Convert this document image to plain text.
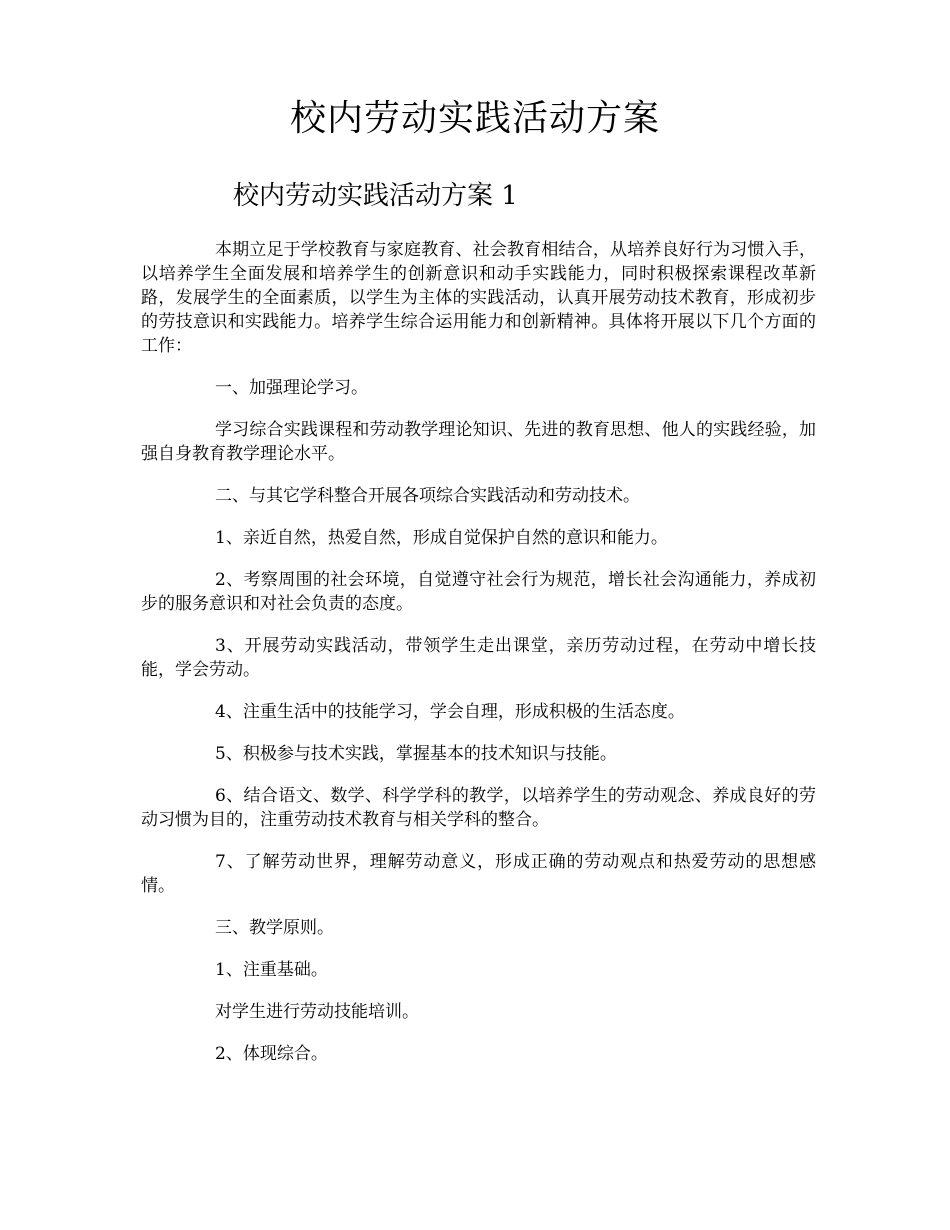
校内劳动实践活动方案
校内劳动实践活动方案 1

本期立足于学校教育与家庭教育、社会教育相结合，从培养良好行为习惯入手，以培养学生全面发展和培养学生的创新意识和动手实践能力，同时积极探索课程改革新路，发展学生的全面素质，以学生为主体的实践活动，认真开展劳动技术教育，形成初步的劳技意识和实践能力。培养学生综合运用能力和创新精神。具体将开展以下几个方面的工作：

一、加强理论学习。

学习综合实践课程和劳动教学理论知识、先进的教育思想、他人的实践经验，加强自身教育教学理论水平。

二、与其它学科整合开展各项综合实践活动和劳动技术。

1、亲近自然，热爱自然，形成自觉保护自然的意识和能力。

2、考察周围的社会环境，自觉遵守社会行为规范，增长社会沟通能力，养成初步的服务意识和对社会负责的态度。

3、开展劳动实践活动，带领学生走出课堂，亲历劳动过程，在劳动中增长技能，学会劳动。

4、注重生活中的技能学习，学会自理，形成积极的生活态度。

5、积极参与技术实践，掌握基本的技术知识与技能。

6、结合语文、数学、科学学科的教学，以培养学生的劳动观念、养成良好的劳动习惯为目的，注重劳动技术教育与相关学科的整合。

7、了解劳动世界，理解劳动意义，形成正确的劳动观点和热爱劳动的思想感情。

三、教学原则。

1、注重基础。

对学生进行劳动技能培训。

2、体现综合。
